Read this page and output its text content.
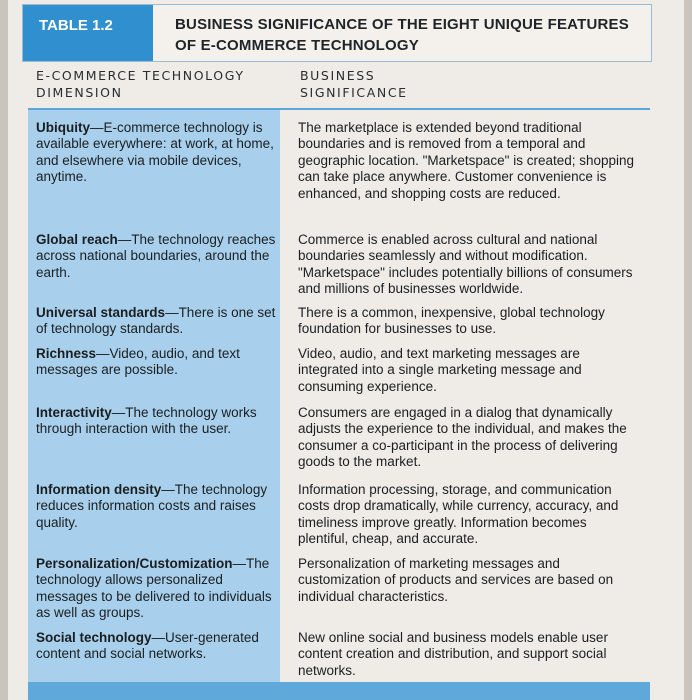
TABLE 1.2	BUSINESS SIGNIFICANCE OF THE EIGHT UNIQUE FEATURES OF E-COMMERCE TECHNOLOGY
E-COMMERCE TECHNOLOGY DIMENSION
BUSINESS SIGNIFICANCE
Ubiquity—E-commerce technology is available everywhere: at work, at home, and elsewhere via mobile devices, anytime.
The marketplace is extended beyond traditional boundaries and is removed from a temporal and geographic location. "Marketspace" is created; shopping can take place anywhere. Customer convenience is enhanced, and shopping costs are reduced.
Global reach—The technology reaches across national boundaries, around the earth.
Commerce is enabled across cultural and national boundaries seamlessly and without modification. "Marketspace" includes potentially billions of consumers and millions of businesses worldwide.
Universal standards—There is one set of technology standards.
There is a common, inexpensive, global technology foundation for businesses to use.
Richness—Video, audio, and text messages are possible.
Video, audio, and text marketing messages are integrated into a single marketing message and consuming experience.
Interactivity—The technology works through interaction with the user.
Consumers are engaged in a dialog that dynamically adjusts the experience to the individual, and makes the consumer a co-participant in the process of delivering goods to the market.
Information density—The technology reduces information costs and raises quality.
Information processing, storage, and communication costs drop dramatically, while currency, accuracy, and timeliness improve greatly. Information becomes plentiful, cheap, and accurate.
Personalization/Customization—The technology allows personalized messages to be delivered to individuals as well as groups.
Personalization of marketing messages and customization of products and services are based on individual characteristics.
Social technology—User-generated content and social networks.
New online social and business models enable user content creation and distribution, and support social networks.
